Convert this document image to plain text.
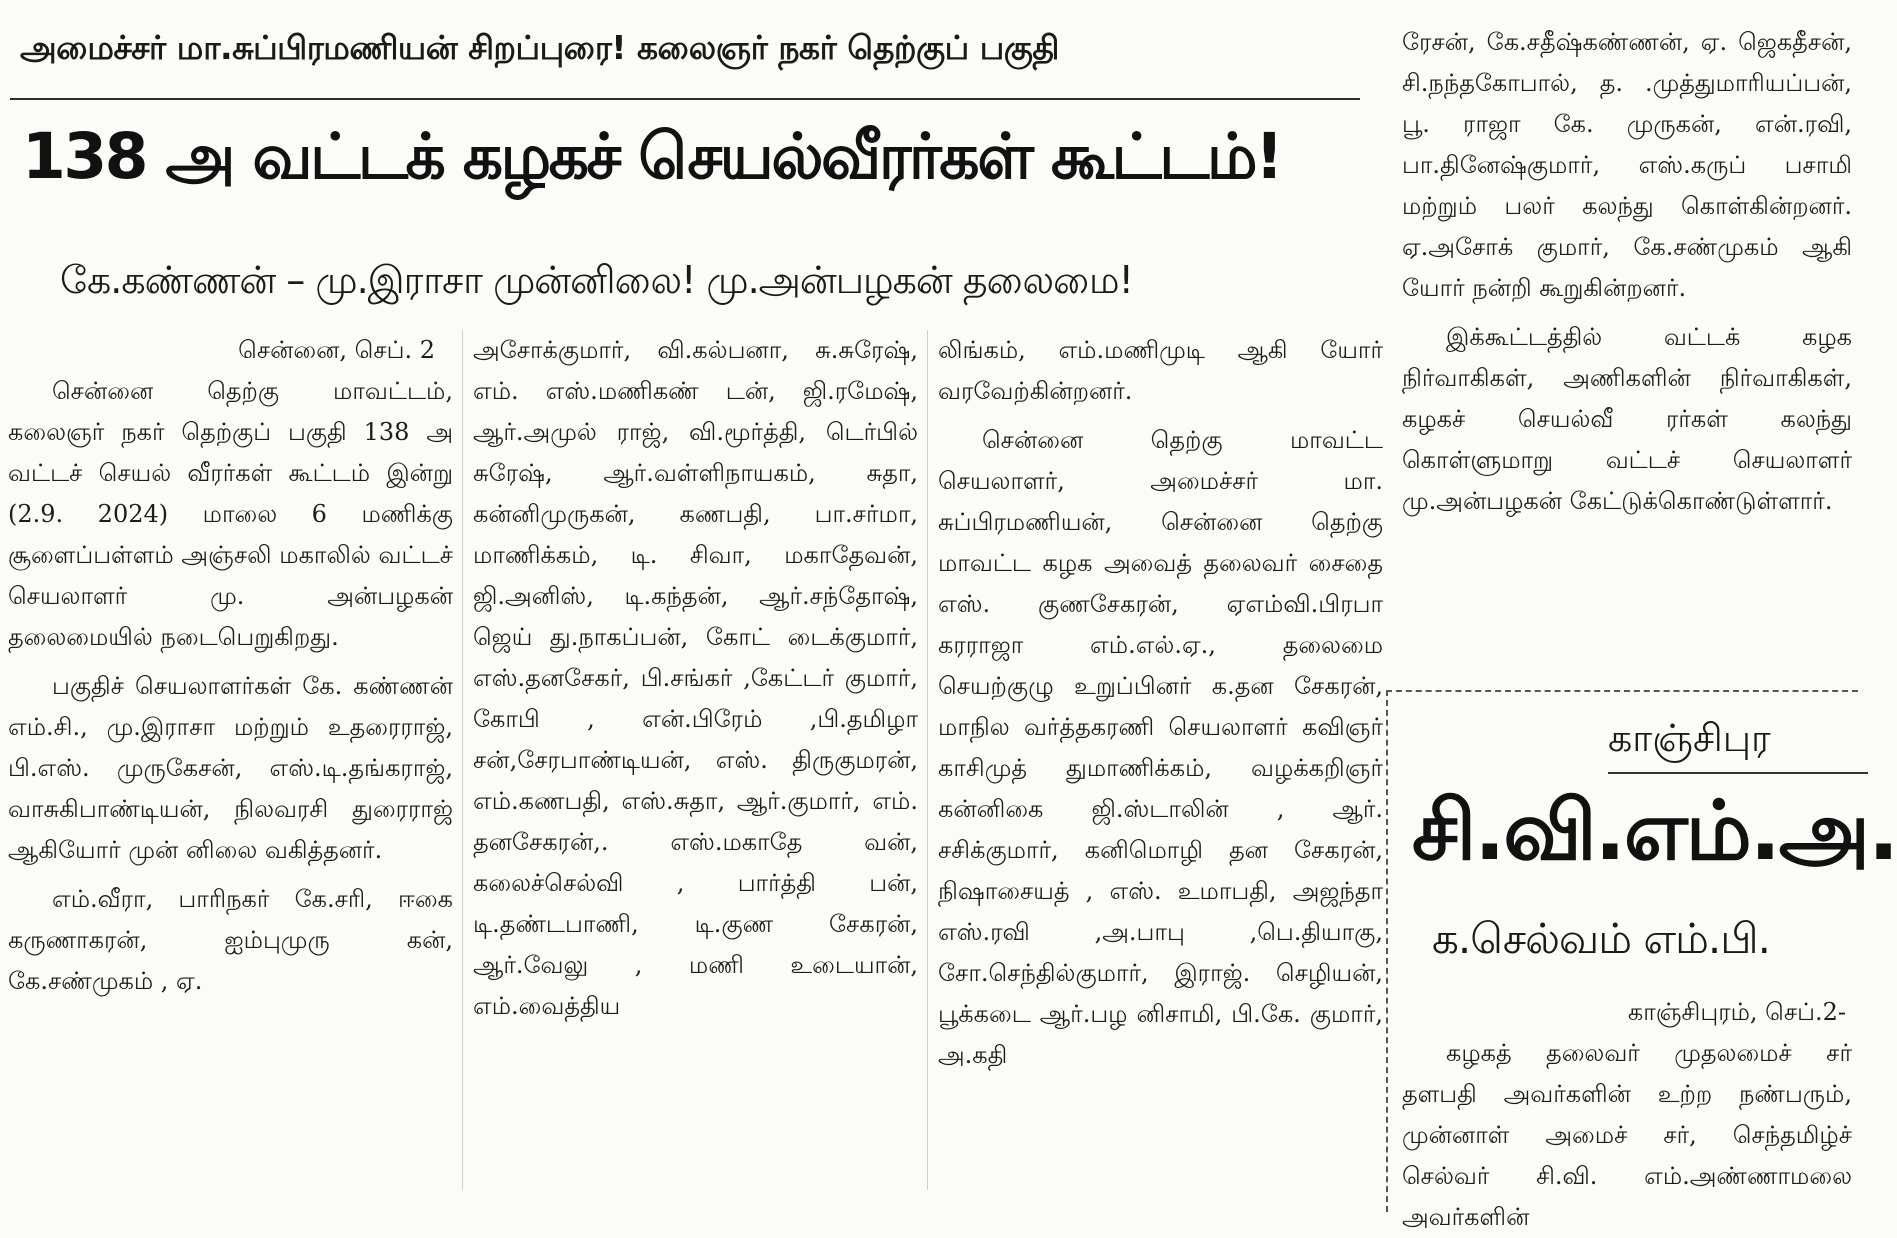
அமைச்சர் மா.சுப்பிரமணியன் சிறப்புரை! கலைஞர் நகர் தெற்குப் பகுதி
138 அ வட்டக் கழகச் செயல்வீரர்கள் கூட்டம்!
கே.கண்ணன் – மு.இராசா முன்னிலை! மு.அன்பழகன் தலைமை!

சென்னை, செப். 2

சென்னை தெற்கு மாவட்டம், கலைஞர் நகர் தெற்குப் பகுதி 138 அ வட்டச் செயல் வீரர்கள் கூட்டம் இன்று (2.9. 2024) மாலை 6 மணிக்கு சூளைப்பள்ளம் அஞ்சலி மகாலில் வட்டச் செயலாளர் மு. அன்பழகன் தலைமையில் நடைபெறுகிறது.

பகுதிச் செயலாளர்கள் கே. கண்ணன் எம்.சி., மு.இராசா மற்றும் உதரைராஜ், பி.எஸ். முருகேசன், எஸ்.டி.தங்கராஜ், வாசுகிபாண்டியன், நிலவரசி துரைராஜ் ஆகியோர் முன் னிலை வகித்தனர்.

எம்.வீரா, பாரிநகர் கே.சரி, ஈகை கருணாகரன், ஐம்புமுரு கன், கே.சண்முகம் , ஏ.

அசோக்குமார், வி.கல்பனா, சு.சுரேஷ், எம். எஸ்.மணிகண் டன், ஜி.ரமேஷ், ஆர்.அமுல் ராஜ், வி.மூர்த்தி, டெர்பில் சுரேஷ், ஆர்.வள்ளிநாயகம், சுதா, கன்னிமுருகன், கணபதி, பா.சர்மா, மாணிக்கம், டி. சிவா, மகாதேவன், ஜி.அனிஸ், டி.கந்தன், ஆர்.சந்தோஷ், ஜெய் து.நாகப்பன், கோட் டைக்குமார், எஸ்.தனசேகர், பி.சங்கர் ,கேட்டர் குமார், கோபி , என்.பிரேம் ,பி.தமிழா சன்,சேரபாண்டியன், எஸ். திருகுமரன், எம்.கணபதி, எஸ்.சுதா, ஆர்.குமார், எம். தனசேகரன்,. எஸ்.மகாதே வன், கலைச்செல்வி , பார்த்தி பன், டி.தண்டபாணி, டி.குண சேகரன், ஆர்.வேலு , மணி உடையான், எம்.வைத்திய

லிங்கம், எம்.மணிமுடி ஆகி யோர் வரவேற்கின்றனர்.

சென்னை தெற்கு மாவட்ட செயலாளர், அமைச்சர் மா. சுப்பிரமணியன், சென்னை தெற்கு மாவட்ட கழக அவைத் தலைவர் சைதை எஸ். குணசேகரன், ஏஎம்வி.பிரபா கரராஜா எம்.எல்.ஏ., தலைமை செயற்குழு உறுப்பினர் க.தன சேகரன், மாநில வர்த்தகரணி செயலாளர் கவிஞர் காசிமுத் துமாணிக்கம், வழக்கறிஞர் கன்னிகை ஜி.ஸ்டாலின் , ஆர். சசிக்குமார், கனிமொழி தன சேகரன், நிஷாசையத் , எஸ். உமாபதி, அஜந்தா எஸ்.ரவி ,அ.பாபு ,பெ.தியாகு, சோ.செந்தில்குமார், இராஜ். செழியன், பூக்கடை ஆர்.பழ னிசாமி, பி.கே. குமார், அ.கதி

ரேசன், கே.சதீஷ்கண்ணன், ஏ. ஜெகதீசன், சி.நந்தகோபால், த. .முத்துமாரியப்பன், பூ. ராஜா கே. முருகன், என்.ரவி, பா.தினேஷ்குமார், எஸ்.கருப் பசாமி மற்றும் பலர் கலந்து கொள்கின்றனர். ஏ.அசோக் குமார், கே.சண்முகம் ஆகி யோர் நன்றி கூறுகின்றனர்.

இக்கூட்டத்தில் வட்டக் கழக நிர்வாகிகள், அணிகளின் நிர்வாகிகள், கழகச் செயல்வீ ரர்கள் கலந்து கொள்ளுமாறு வட்டச் செயலாளர் மு.அன்பழகன் கேட்டுக்கொண்டுள்ளார்.

காஞ்சிபுர
சி.வி.எம்.அ.
க.செல்வம் எம்.பி.

காஞ்சிபுரம், செப்.2-

கழகத் தலைவர் முதலமைச் சர் தளபதி அவர்களின் உற்ற நண்பரும், முன்னாள் அமைச் சர், செந்தமிழ்ச் செல்வர் சி.வி. எம்.அண்ணாமலை அவர்களின்
